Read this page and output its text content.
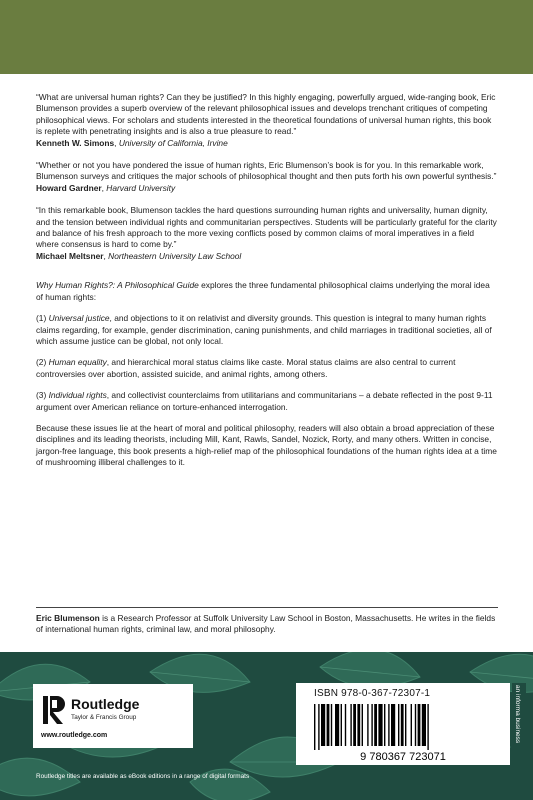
“What are universal human rights? Can they be justified? In this highly engaging, powerfully argued, wide-ranging book, Eric Blumenson provides a superb overview of the relevant philosophical issues and develops trenchant critiques of competing philosophical views. For scholars and students interested in the theoretical foundations of universal human rights, this book is replete with penetrating insights and is also a true pleasure to read.”
Kenneth W. Simons, University of California, Irvine

“Whether or not you have pondered the issue of human rights, Eric Blumenson’s book is for you. In this remarkable work, Blumenson surveys and critiques the major schools of philosophical thought and then puts forth his own powerful synthesis.”
Howard Gardner, Harvard University

“In this remarkable book, Blumenson tackles the hard questions surrounding human rights and universality, human dignity, and the tension between individual rights and communitarian perspectives. Students will be particularly grateful for the clarity and balance of his fresh approach to the more vexing conflicts posed by common claims of moral imperatives in a field where consensus is hard to come by.”
Michael Meltsner, Northeastern University Law School

Why Human Rights?: A Philosophical Guide explores the three fundamental philosophical claims underlying the moral idea of human rights:

(1) Universal justice, and objections to it on relativist and diversity grounds. This question is integral to many human rights claims regarding, for example, gender discrimination, caning punishments, and child marriages in traditional societies, all of which assume justice can be global, not only local.

(2) Human equality, and hierarchical moral status claims like caste. Moral status claims are also central to current controversies over abortion, assisted suicide, and animal rights, among others.

(3) Individual rights, and collectivist counterclaims from utilitarians and communitarians – a debate reflected in the post 9-11 argument over American reliance on torture-enhanced interrogation.

Because these issues lie at the heart of moral and political philosophy, readers will also obtain a broad appreciation of these disciplines and its leading theorists, including Mill, Kant, Rawls, Sandel, Nozick, Rorty, and many others. Written in concise, jargon-free language, this book presents a high-relief map of the philosophical foundations of the human rights idea at a time of mushrooming illiberal challenges to it.

Eric Blumenson is a Research Professor at Suffolk University Law School in Boston, Massachusetts. He writes in the fields of international human rights, criminal law, and moral philosophy.
Routledge
Taylor & Francis Group
www.routledge.com
ISBN 978-0-367-72307-1
9 780367 723071
an informa business
Routledge titles are available as eBook editions in a range of digital formats
